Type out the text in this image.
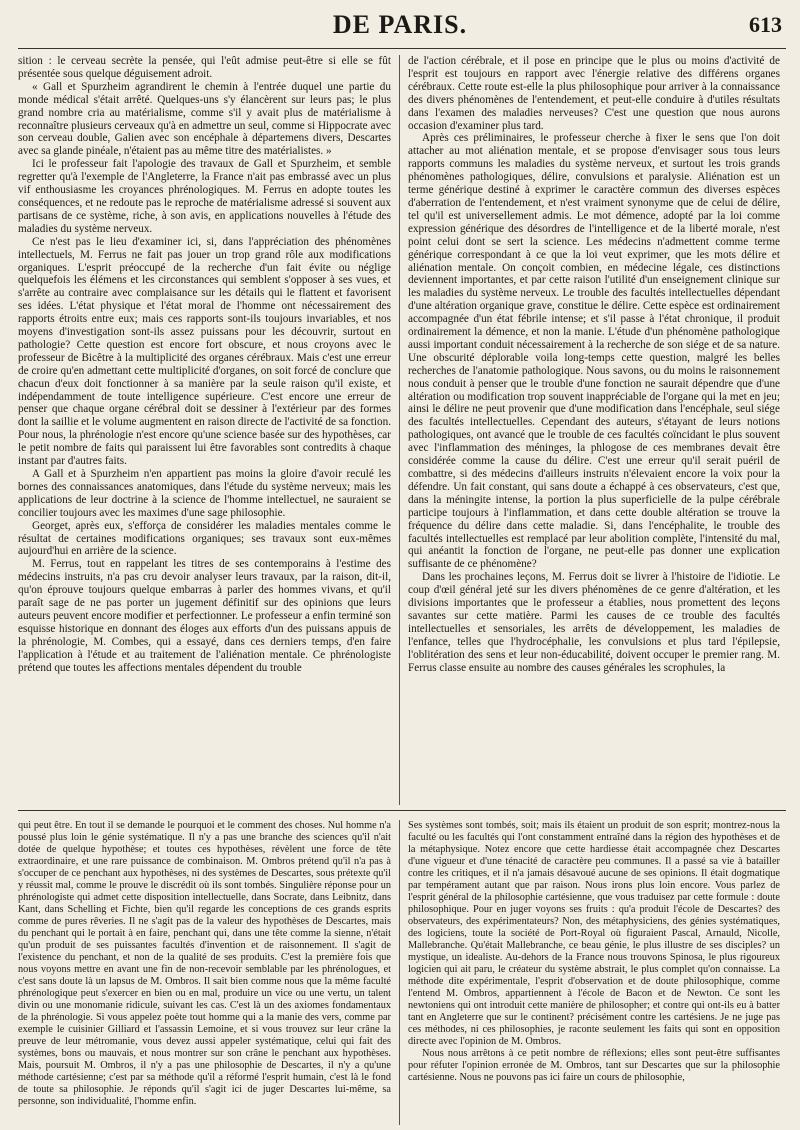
DE PARIS.	613

sition : le cerveau secrète la pensée, qui l'eût admise peut-être si elle se fût présentée sous quelque déguisement adroit.

« Gall et Spurzheim agrandirent le chemin à l'entrée duquel une partie du monde médical s'était arrêté. Quelques-uns s'y élancèrent sur leurs pas; le plus grand nombre cria au matérialisme, comme s'il y avait plus de matérialisme à reconnaître plusieurs cerveaux qu'à en admettre un seul, comme si Hippocrate avec son cerveau double, Galien avec son encéphale à départemens divers, Descartes avec sa glande pinéale, n'étaient pas au même titre des matérialistes. »

Ici le professeur fait l'apologie des travaux de Gall et Spurzheim, et semble regretter qu'à l'exemple de l'Angleterre, la France n'ait pas embrassé avec un plus vif enthousiasme les croyances phrénologiques. M. Ferrus en adopte toutes les conséquences, et ne redoute pas le reproche de matérialisme adressé si souvent aux partisans de ce système, riche, à son avis, en applications nouvelles à l'étude des maladies du système nerveux.

Ce n'est pas le lieu d'examiner ici, si, dans l'appréciation des phénomènes intellectuels, M. Ferrus ne fait pas jouer un trop grand rôle aux modifications organiques. L'esprit préoccupé de la recherche d'un fait évite ou néglige quelquefois les élémens et les circonstances qui semblent s'opposer à ses vues, et s'arrête au contraire avec complaisance sur les détails qui le flattent et favorisent ses idées. L'état physique et l'état moral de l'homme ont nécessairement des rapports étroits entre eux; mais ces rapports sont-ils toujours invariables, et nos moyens d'investigation sont-ils assez puissans pour les découvrir, surtout en pathologie? Cette question est encore fort obscure, et nous croyons avec le professeur de Bicêtre à la multiplicité des organes cérébraux. Mais c'est une erreur de croire qu'en admettant cette multiplicité d'organes, on soit forcé de conclure que chacun d'eux doit fonctionner à sa manière par la seule raison qu'il existe, et indépendamment de toute intelligence supérieure. C'est encore une erreur de penser que chaque organe cérébral doit se dessiner à l'extérieur par des formes dont la saillie et le volume augmentent en raison directe de l'activité de sa fonction. Pour nous, la phrénologie n'est encore qu'une science basée sur des hypothèses, car le petit nombre de faits qui paraissent lui être favorables sont contredits à chaque instant par d'autres faits.

A Gall et à Spurzheim n'en appartient pas moins la gloire d'avoir reculé les bornes des connaissances anatomiques, dans l'étude du système nerveux; mais les applications de leur doctrine à la science de l'homme intellectuel, ne sauraient se concilier toujours avec les maximes d'une sage philosophie.

Georget, après eux, s'efforça de considérer les maladies mentales comme le résultat de certaines modifications organiques; ses travaux sont eux-mêmes aujourd'hui en arrière de la science.

M. Ferrus, tout en rappelant les titres de ses contemporains à l'estime des médecins instruits, n'a pas cru devoir analyser leurs travaux, par la raison, dit-il, qu'on éprouve toujours quelque embarras à parler des hommes vivans, et qu'il paraît sage de ne pas porter un jugement définitif sur des opinions que leurs auteurs peuvent encore modifier et perfectionner. Le professeur a enfin terminé son esquisse historique en donnant des éloges aux efforts d'un des puissans appuis de la phrénologie, M. Combes, qui a essayé, dans ces derniers temps, d'en faire l'application à l'étude et au traitement de l'aliénation mentale. Ce phrénologiste prétend que toutes les affections mentales dépendent du trouble

de l'action cérébrale, et il pose en principe que le plus ou moins d'activité de l'esprit est toujours en rapport avec l'énergie relative des différens organes cérébraux. Cette route est-elle la plus philosophique pour arriver à la connaissance des divers phénomènes de l'entendement, et peut-elle conduire à d'utiles résultats dans l'examen des maladies nerveuses? C'est une question que nous aurons occasion d'examiner plus tard.

Après ces préliminaires, le professeur cherche à fixer le sens que l'on doit attacher au mot aliénation mentale, et se propose d'envisager sous tous leurs rapports communs les maladies du système nerveux, et surtout les trois grands phénomènes pathologiques, délire, convulsions et paralysie. Aliénation est un terme générique destiné à exprimer le caractère commun des diverses espèces d'aberration de l'entendement, et n'est vraiment synonyme que de celui de délire, tel qu'il est universellement admis. Le mot démence, adopté par la loi comme expression générique des désordres de l'intelligence et de la liberté morale, n'est point celui dont se sert la science. Les médecins n'admettent comme terme générique correspondant à ce que la loi veut exprimer, que les mots délire et aliénation mentale. On conçoit combien, en médecine légale, ces distinctions deviennent importantes, et par cette raison l'utilité d'un enseignement clinique sur les maladies du système nerveux. Le trouble des facultés intellectuelles dépendant d'une altération organique grave, constitue le délire. Cette espèce est ordinairement accompagnée d'un état fébrile intense; et s'il passe à l'état chronique, il produit ordinairement la démence, et non la manie. L'étude d'un phénomène pathologique aussi important conduit nécessairement à la recherche de son siége et de sa nature. Une obscurité déplorable voila long-temps cette question, malgré les belles recherches de l'anatomie pathologique. Nous savons, ou du moins le raisonnement nous conduit à penser que le trouble d'une fonction ne saurait dépendre que d'une altération ou modification trop souvent inappréciable de l'organe qui la met en jeu; ainsi le délire ne peut provenir que d'une modification dans l'encéphale, seul siége des facultés intellectuelles. Cependant des auteurs, s'étayant de leurs notions pathologiques, ont avancé que le trouble de ces facultés coïncidant le plus souvent avec l'inflammation des méninges, la phlogose de ces membranes devait être considérée comme la cause du délire. C'est une erreur qu'il serait puéril de combattre, si des médecins d'ailleurs instruits n'élevaient encore la voix pour la défendre. Un fait constant, qui sans doute a échappé à ces observateurs, c'est que, dans la méningite intense, la portion la plus superficielle de la pulpe cérébrale participe toujours à l'inflammation, et dans cette double altération se trouve la fréquence du délire dans cette maladie. Si, dans l'encéphalite, le trouble des facultés intellectuelles est remplacé par leur abolition complète, l'intensité du mal, qui anéantit la fonction de l'organe, ne peut-elle pas donner une explication suffisante de ce phénomène?

Dans les prochaines leçons, M. Ferrus doit se livrer à l'histoire de l'idiotie. Le coup d'œil général jeté sur les divers phénomènes de ce genre d'altération, et les divisions importantes que le professeur a établies, nous promettent des leçons savantes sur cette matière. Parmi les causes de ce trouble des facultés intellectuelles et sensoriales, les arrêts de développement, les maladies de l'enfance, telles que l'hydrocéphalie, les convulsions et plus tard l'épilepsie, l'oblitération des sens et leur non-éducabilité, doivent occuper le premier rang. M. Ferrus classe ensuite au nombre des causes générales les scrophules, la

qui peut être. En tout il se demande le pourquoi et le comment des choses. Nul homme n'a poussé plus loin le génie systématique. Il n'y a pas une branche des sciences qu'il n'ait dotée de quelque hypothèse; et toutes ces hypothèses, révèlent une force de tête extraordinaire, et une rare puissance de combinaison. M. Ombros prétend qu'il n'a pas à s'occuper de ce penchant aux hypothèses, ni des systèmes de Descartes, sous prétexte qu'il y réussit mal, comme le prouve le discrédit où ils sont tombés. Singulière réponse pour un phrénologiste qui admet cette disposition intellectuelle, dans Socrate, dans Leibnitz, dans Kant, dans Schelling et Fichte, bien qu'il regarde les conceptions de ces grands esprits comme de pures rêveries. Il ne s'agit pas de la valeur des hypothèses de Descartes, mais du penchant qui le portait à en faire, penchant qui, dans une tête comme la sienne, n'était qu'un produit de ses puissantes facultés d'invention et de raisonnement. Il s'agit de l'existence du penchant, et non de la qualité de ses produits. C'est la première fois que nous voyons mettre en avant une fin de non-recevoir semblable par les phrénologues, et c'est sans doute là un lapsus de M. Ombros. Il sait bien comme nous que la même faculté phrénologique peut s'exercer en bien ou en mal, produire un vice ou une vertu, un talent divin ou une monomanie ridicule, suivant les cas. C'est là un des axiomes fondamentaux de la phrénologie. Si vous appelez poète tout homme qui a la manie des vers, comme par exemple le cuisinier Gilliard et l'assassin Lemoine, et si vous trouvez sur leur crâne la preuve de leur métromanie, vous devez aussi appeler systématique, celui qui fait des systèmes, bons ou mauvais, et nous montrer sur son crâne le penchant aux hypothèses. Mais, poursuit M. Ombros, il n'y a pas une philosophie de Descartes, il n'y a qu'une méthode cartésienne; c'est par sa méthode qu'il a réformé l'esprit humain, c'est là le fond de toute sa philosophie. Je réponds qu'il s'agit ici de juger Descartes lui-même, sa personne, son individualité, l'homme enfin.

Ses systèmes sont tombés, soit; mais ils étaient un produit de son esprit; montrez-nous la faculté ou les facultés qui l'ont constamment entraîné dans la région des hypothèses et de la métaphysique. Notez encore que cette hardiesse était accompagnée chez Descartes d'une vigueur et d'une ténacité de caractère peu communes. Il a passé sa vie à batailler contre les critiques, et il n'a jamais désavoué aucune de ses opinions. Il était dogmatique par tempérament autant que par raison. Nous irons plus loin encore. Vous parlez de l'esprit général de la philosophie cartésienne, que vous traduisez par cette formule : doute philosophique. Pour en juger voyons ses fruits : qu'a produit l'école de Descartes? des observateurs, des expérimentateurs? Non, des métaphysiciens, des génies systématiques, des logiciens, toute la société de Port-Royal où figuraient Pascal, Arnauld, Nicolle, Mallebranche. Qu'était Mallebranche, ce beau génie, le plus illustre de ses disciples? un mystique, un idealiste. Au-dehors de la France nous trouvons Spinosa, le plus rigoureux logicien qui ait paru, le créateur du système abstrait, le plus complet qu'on connaisse. La méthode dite expérimentale, l'esprit d'observation et de doute philosophique, comme l'entend M. Ombros, appartiennent à l'école de Bacon et de Newton. Ce sont les newtoniens qui ont introduit cette manière de philosopher; et contre qui ont-ils eu à batter tant en Angleterre que sur le continent? précisément contre les cartésiens. Je ne juge pas ces méthodes, ni ces philosophies, je raconte seulement les faits qui sont en opposition directe avec l'opinion de M. Ombros.

Nous nous arrêtons à ce petit nombre de réflexions; elles sont peut-être suffisantes pour réfuter l'opinion erronée de M. Ombros, tant sur Descartes que sur la philosophie cartésienne. Nous ne pouvons pas ici faire un cours de philosophie,
